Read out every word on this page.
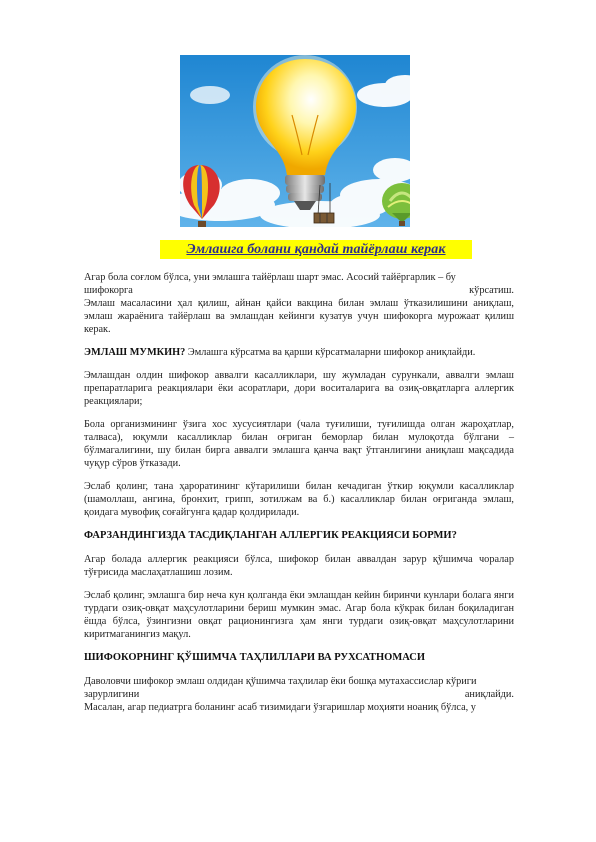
Эмлашга болани қандай тайёрлаш керак

Агар бола соғлом бўлса, уни эмлашга тайёрлаш шарт эмас. Асосий тайёргарлик – бу
шифокорга	кўрсатиш.
Эмлаш масаласини ҳал қилиш, айнан қайси вакцина билан эмлаш ўтказилишини аниқлаш, эмлаш жараёнига тайёрлаш ва эмлашдан кейинги кузатув учун шифокорга мурожаат қилиш керак.

ЭМЛАШ МУМКИН? Эмлашга кўрсатма ва қарши кўрсатмаларни шифокор аниқлайди.

Эмлашдан олдин шифокор аввалги касалликлари, шу жумладан сурункали, аввалги эмлаш препаратларига реакциялари ёки асоратлари, дори воситаларига ва озиқ-овқатларга аллергик реакциялари;

Бола организмининг ўзига хос хусусиятлари (чала туғилиши, туғилишда олган жароҳатлар, талваса), юқумли касалликлар билан оғриган беморлар билан мулоқотда бўлгани – бўлмагалигини, шу билан бирга аввалги эмлашга қанча вақт ўтганлигини аниқлаш мақсадида чуқур сўров ўтказади.

Эслаб қолинг, тана ҳароратининг кўтарилиши билан кечадиган ўткир юқумли касалликлар (шамоллаш, ангина, бронхит, грипп, зотилжам ва б.) касалликлар билан оғриганда эмлаш, қоидага мувофиқ соғайгунга қадар қолдирилади.

ФАРЗАНДИНГИЗДА ТАСДИҚЛАНГАН АЛЛЕРГИК РЕАКЦИЯСИ БОРМИ?

Агар болада аллергик реакцияси бўлса, шифокор билан аввалдан зарур қўшимча чоралар тўғрисида маслаҳатлашиш лозим.

Эслаб қолинг, эмлашга бир неча кун қолганда ёки эмлашдан кейин биринчи кунлари болага янги турдаги озиқ-овқат маҳсулотларини бериш мумкин эмас. Агар бола кўкрак билан боқиладиган ёшда бўлса, ўзингизни овқат рационингизга ҳам янги турдаги озиқ-овқат маҳсулотларини киритмаганингиз мақул.

ШИФОКОРНИНГ ҚЎШИМЧА ТАҲЛИЛЛАРИ ВА РУХСАТНОМАСИ

Даволовчи шифокор эмлаш олдидан қўшимча таҳлилар ёки бошқа мутахассислар кўриги
зарурлигини	аниқлайди.
Масалан, агар педиатрга боланинг асаб тизимидаги ўзгаришлар моҳияти ноаниқ бўлса, у
